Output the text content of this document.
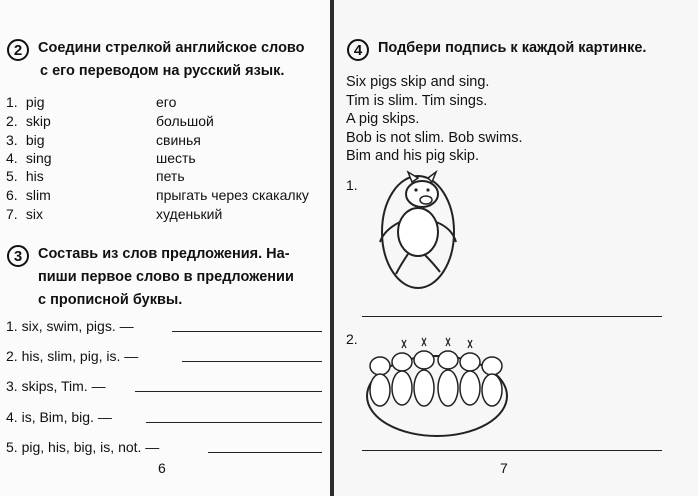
2	Соедини стрелкой английское слово
с его переводом на русский язык.
1. pig	его
2. skip	большой
3. big	свинья
4. sing	шесть
5. his	петь
6. slim	прыгать через скакалку
7. six	худенький
3	Составь из слов предложения. На-
пиши первое слово в предложении
с прописной буквы.
1. six, swim, pigs. —
2. his, slim, pig, is. —
3. skips, Tim. —
4. is, Bim, big. —
5. pig, his, big, is, not. —
6
4	Подбери подпись к каждой картинке.
Six pigs skip and sing.
Tim is slim. Tim sings.
A pig skips.
Bob is not slim. Bob swims.
Bim and his pig skip.
1.
2.
7
